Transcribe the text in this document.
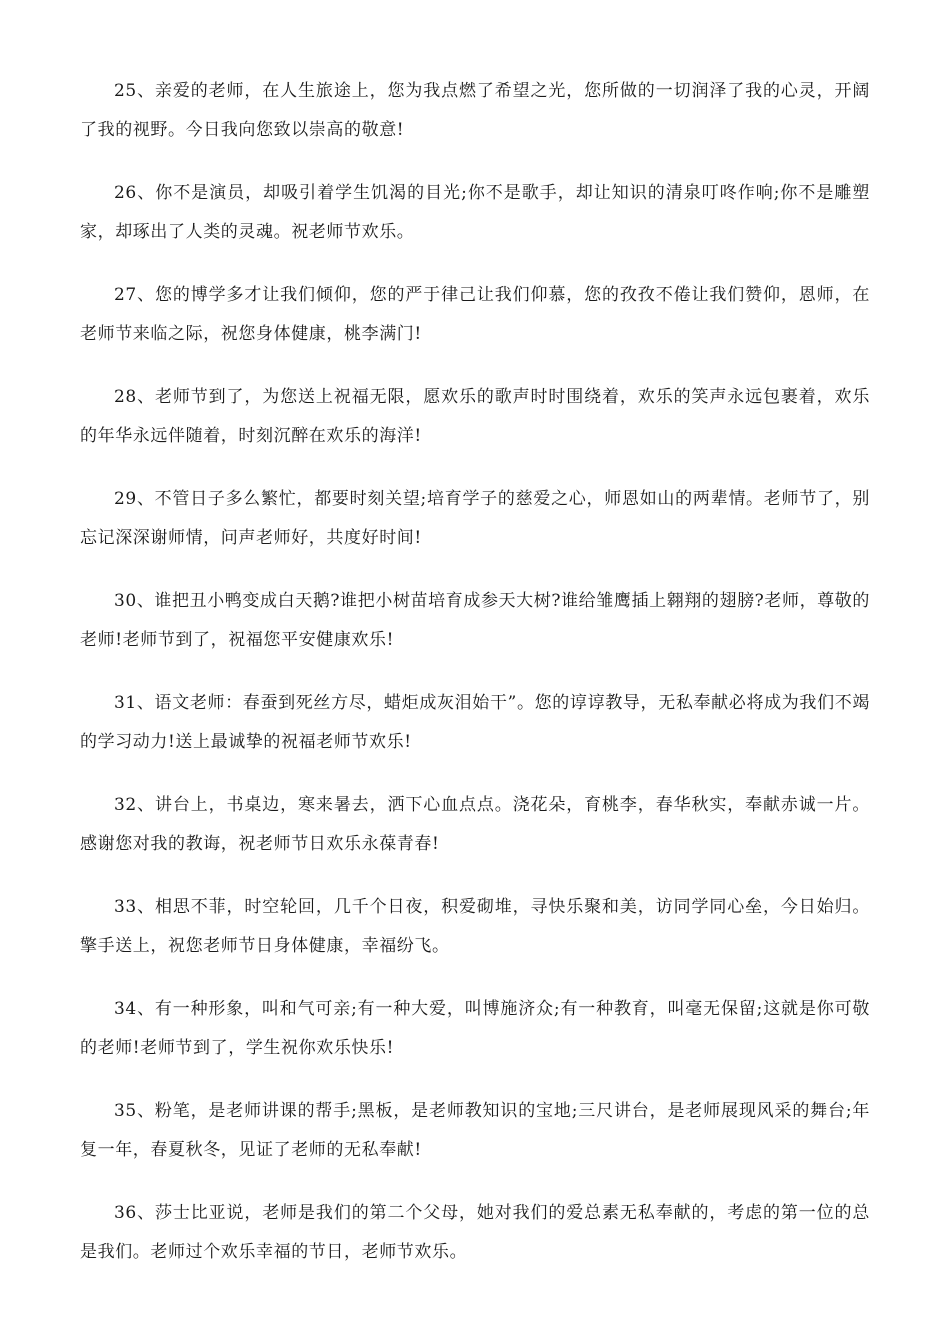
25、亲爱的老师，在人生旅途上，您为我点燃了希望之光，您所做的一切润泽了我的心灵，开阔了我的视野。今日我向您致以崇高的敬意!

26、你不是演员，却吸引着学生饥渴的目光;你不是歌手，却让知识的清泉叮咚作响;你不是雕塑家，却琢出了人类的灵魂。祝老师节欢乐。

27、您的博学多才让我们倾仰，您的严于律己让我们仰慕，您的孜孜不倦让我们赞仰，恩师，在老师节来临之际，祝您身体健康，桃李满门!

28、老师节到了，为您送上祝福无限，愿欢乐的歌声时时围绕着，欢乐的笑声永远包裹着，欢乐的年华永远伴随着，时刻沉醉在欢乐的海洋!

29、不管日子多么繁忙，都要时刻关望;培育学子的慈爱之心，师恩如山的两辈情。老师节了，别忘记深深谢师情，问声老师好，共度好时间!

30、谁把丑小鸭变成白天鹅?谁把小树苗培育成参天大树?谁给雏鹰插上翱翔的翅膀?老师，尊敬的老师!老师节到了，祝福您平安健康欢乐!

31、语文老师：春蚕到死丝方尽，蜡炬成灰泪始干”。您的谆谆教导，无私奉献必将成为我们不竭的学习动力!送上最诚挚的祝福老师节欢乐!

32、讲台上，书桌边，寒来暑去，洒下心血点点。浇花朵，育桃李，春华秋实，奉献赤诚一片。感谢您对我的教诲，祝老师节日欢乐永葆青春!

33、相思不菲，时空轮回，几千个日夜，积爱砌堆，寻快乐聚和美，访同学同心垒，今日始归。擎手送上，祝您老师节日身体健康，幸福纷飞。

34、有一种形象，叫和气可亲;有一种大爱，叫博施济众;有一种教育，叫毫无保留;这就是你可敬的老师!老师节到了，学生祝你欢乐快乐!

35、粉笔，是老师讲课的帮手;黑板，是老师教知识的宝地;三尺讲台，是老师展现风采的舞台;年复一年，春夏秋冬，见证了老师的无私奉献!

36、莎士比亚说，老师是我们的第二个父母，她对我们的爱总素无私奉献的，考虑的第一位的总是我们。老师过个欢乐幸福的节日，老师节欢乐。
